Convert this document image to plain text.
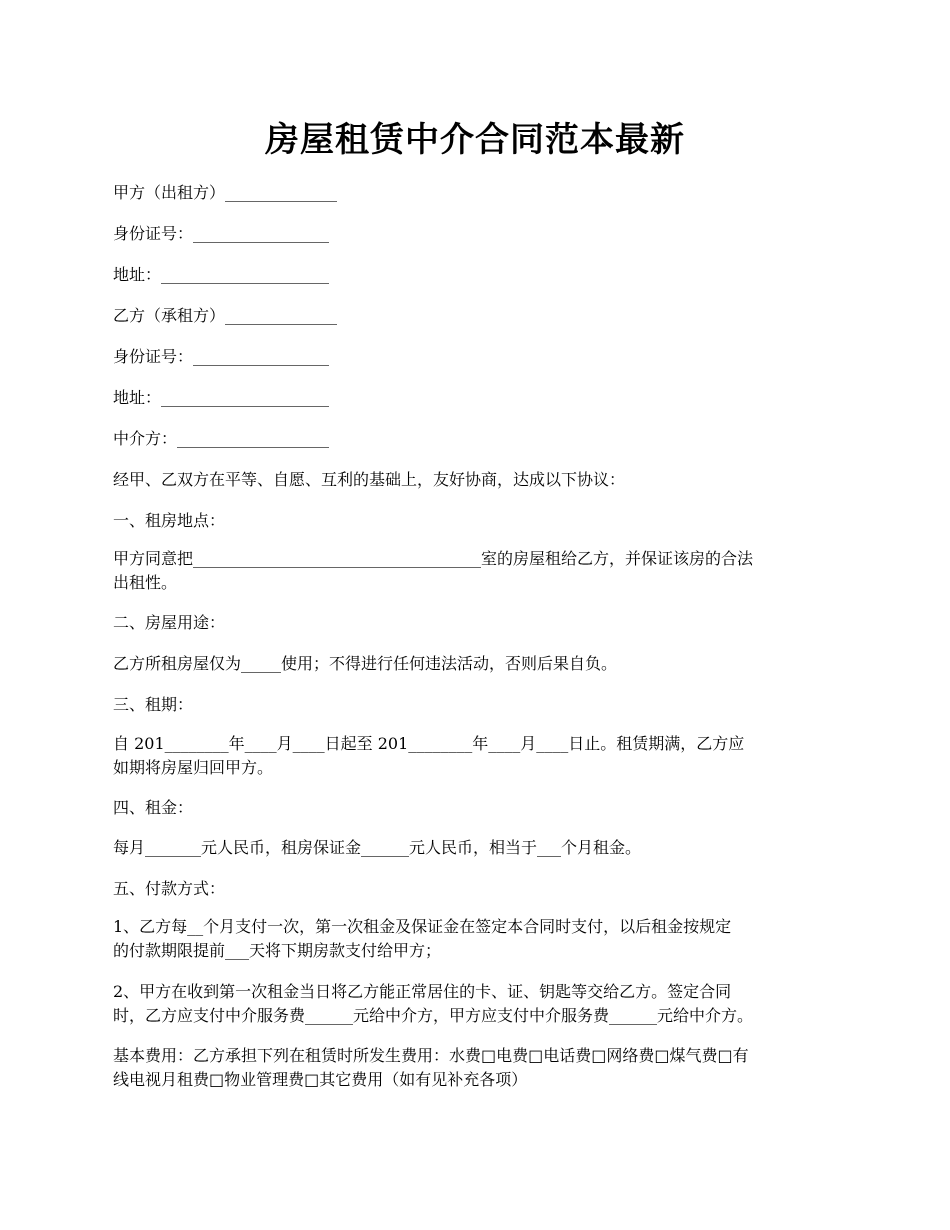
房屋租赁中介合同范本最新

甲方（出租方）______________

身份证号：_________________

地址：_____________________

乙方（承租方）______________

身份证号：_________________

地址：_____________________

中介方：___________________

经甲、乙双方在平等、自愿、互利的基础上，友好协商，达成以下协议：

一、租房地点：

甲方同意把____________________________________室的房屋租给乙方，并保证该房的合法
出租性。

二、房屋用途：

乙方所租房屋仅为_____使用；不得进行任何违法活动，否则后果自负。

三、租期：

自 201________年____月____日起至 201________年____月____日止。租赁期满，乙方应
如期将房屋归回甲方。

四、租金：

每月_______元人民币，租房保证金______元人民币，相当于___个月租金。

五、付款方式：

1、乙方每__个月支付一次，第一次租金及保证金在签定本合同时支付，以后租金按规定
的付款期限提前___天将下期房款支付给甲方；

2、甲方在收到第一次租金当日将乙方能正常居住的卡、证、钥匙等交给乙方。签定合同
时，乙方应支付中介服务费______元给中介方，甲方应支付中介服务费______元给中介方。

基本费用：乙方承担下列在租赁时所发生费用：水费□电费□电话费□网络费□煤气费□有
线电视月租费□物业管理费□其它费用（如有见补充各项）
